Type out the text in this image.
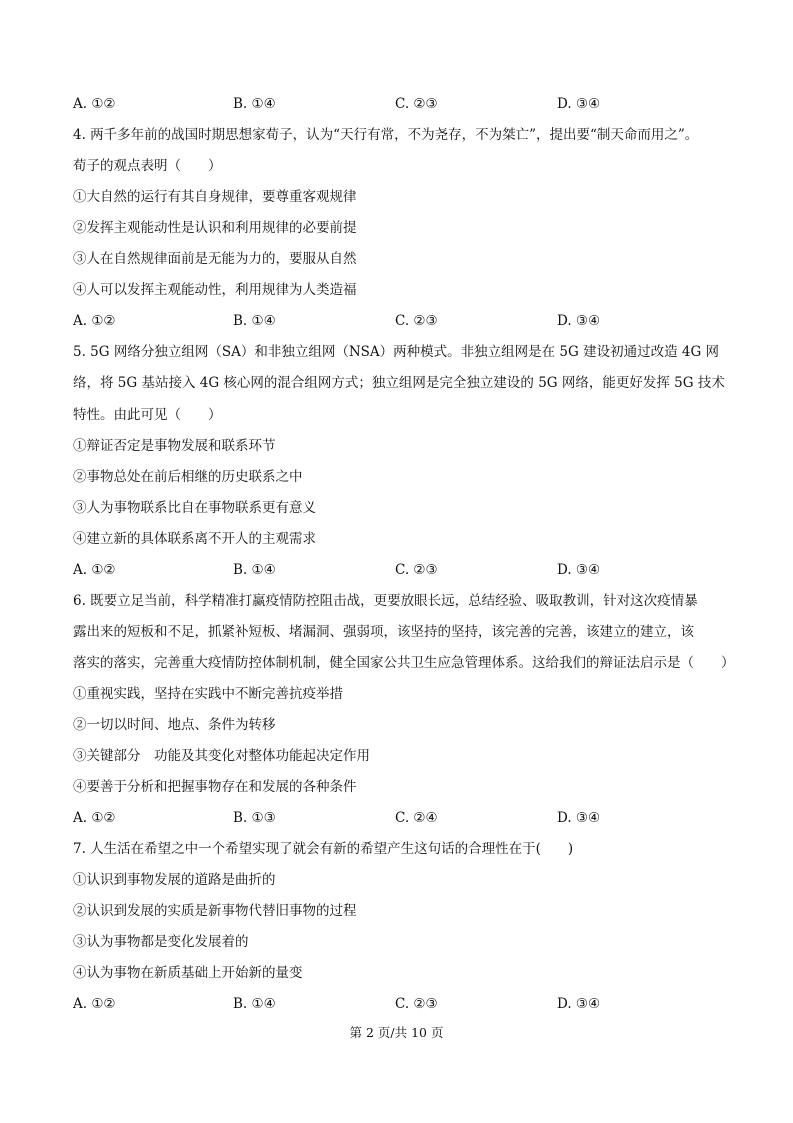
A. ①②	B. ①④	C. ②③	D. ③④
4. 两千多年前的战国时期思想家荀子，认为“天行有常，不为尧存，不为桀亡”，提出要“制天命而用之”。
荀子的观点表明（　　）
①大自然的运行有其自身规律，要尊重客观规律
②发挥主观能动性是认识和利用规律的必要前提
③人在自然规律面前是无能为力的，要服从自然
④人可以发挥主观能动性，利用规律为人类造福
A. ①②	B. ①④	C. ②③	D. ③④
5. 5G 网络分独立组网（SA）和非独立组网（NSA）两种模式。非独立组网是在 5G 建设初通过改造 4G 网
络，将 5G 基站接入 4G 核心网的混合组网方式；独立组网是完全独立建设的 5G 网络，能更好发挥 5G 技术
特性。由此可见（　　）
①辩证否定是事物发展和联系环节
②事物总处在前后相继的历史联系之中
③人为事物联系比自在事物联系更有意义
④建立新的具体联系离不开人的主观需求
A. ①②	B. ①④	C. ②③	D. ③④
6. 既要立足当前，科学精准打赢疫情防控阻击战，更要放眼长远，总结经验、吸取教训，针对这次疫情暴
露出来的短板和不足，抓紧补短板、堵漏洞、强弱项，该坚持的坚持，该完善的完善，该建立的建立，该
落实的落实，完善重大疫情防控体制机制，健全国家公共卫生应急管理体系。这给我们的辩证法启示是（　　）
①重视实践，坚持在实践中不断完善抗疫举措
②一切以时间、地点、条件为转移
③关键部分　功能及其变化对整体功能起决定作用
④要善于分析和把握事物存在和发展的各种条件
A. ①②	B. ①③	C. ②④	D. ③④
7. 人生活在希望之中一个希望实现了就会有新的希望产生这句话的合理性在于(　　)
①认识到事物发展的道路是曲折的
②认识到发展的实质是新事物代替旧事物的过程
③认为事物都是变化发展着的
④认为事物在新质基础上开始新的量变
A. ①②	B. ①④	C. ②③	D. ③④
第 2 页/共 10 页
